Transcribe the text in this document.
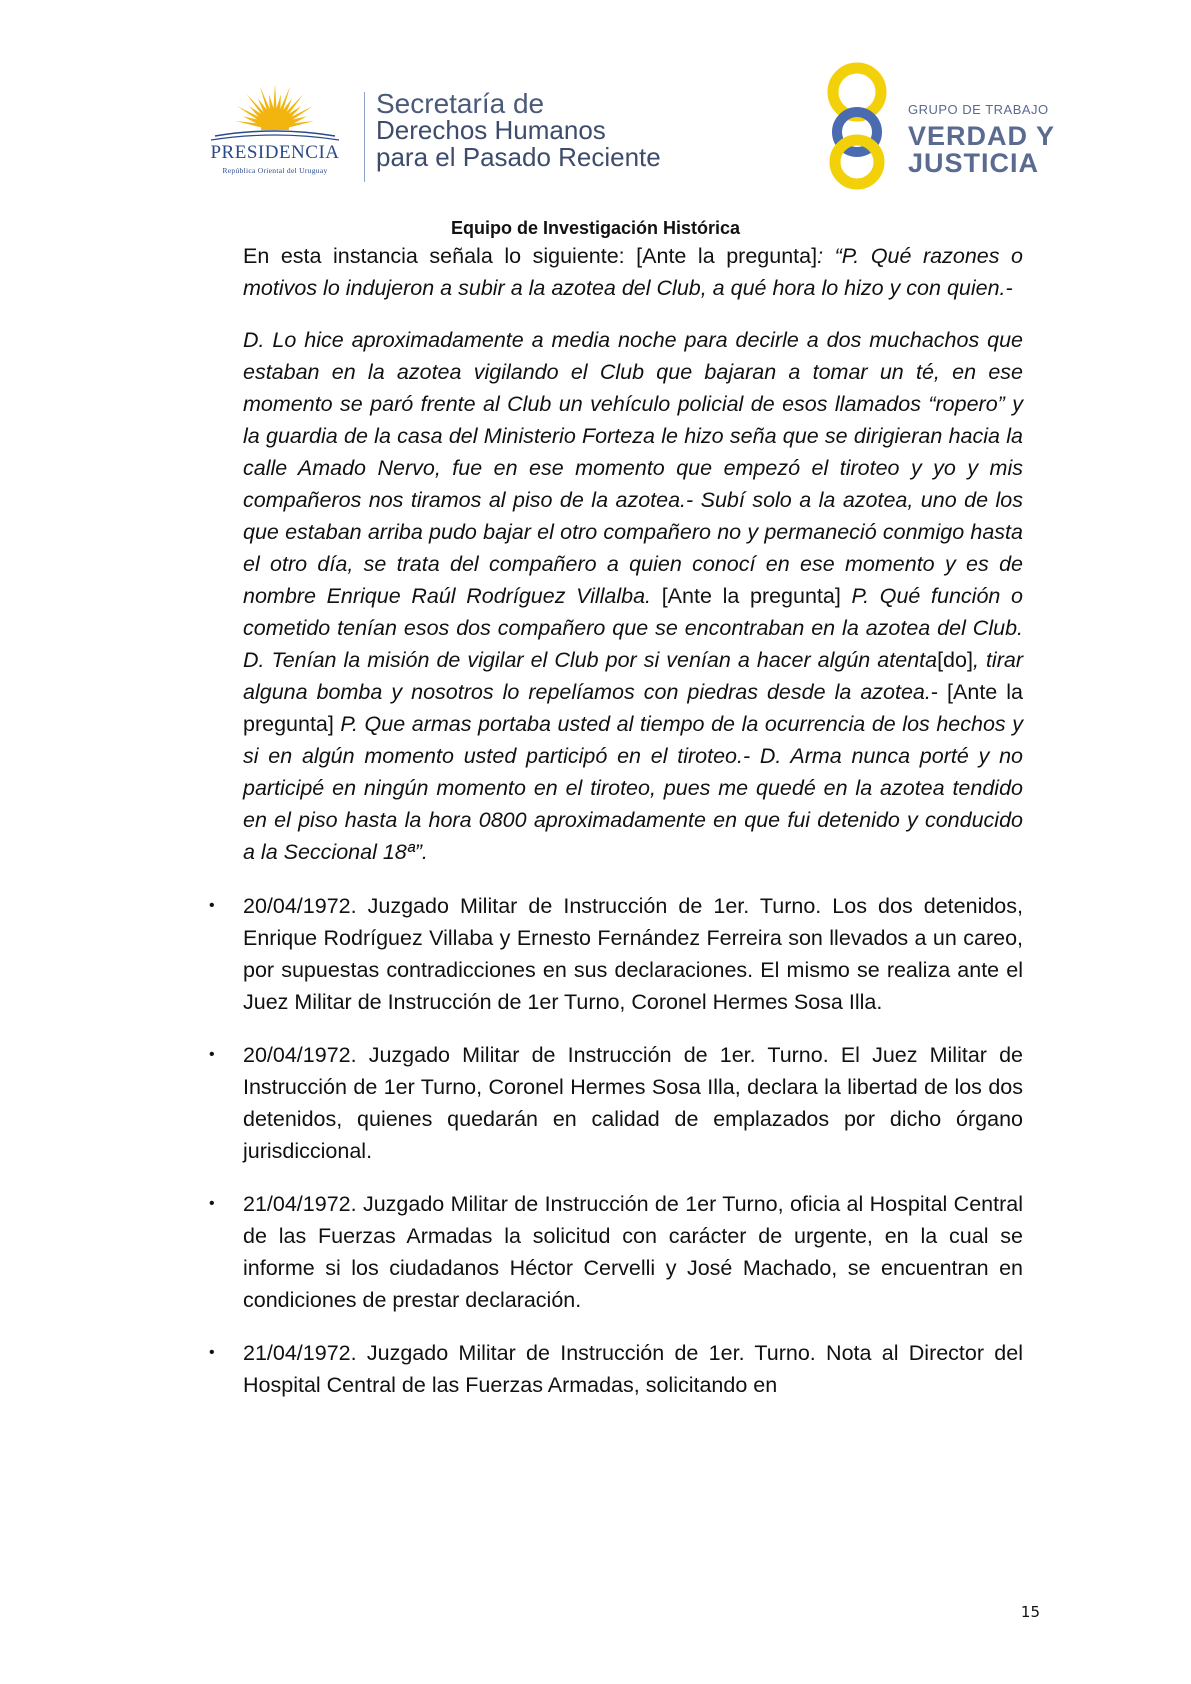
PRESIDENCIA
República Oriental del Uruguay
Secretaría de
Derechos Humanos
para el Pasado Reciente
GRUPO DE TRABAJO
VERDAD Y
JUSTICIA
Equipo de Investigación Histórica

En esta instancia señala lo siguiente: [Ante la pregunta]: “P. Qué razones o motivos lo indujeron a subir a la azotea del Club, a qué hora lo hizo y con quien.-

D. Lo hice aproximadamente a media noche para decirle a dos muchachos que estaban en la azotea vigilando el Club que bajaran a tomar un té, en ese momento se paró frente al Club un vehículo policial de esos llamados “ropero” y la guardia de la casa del Ministerio Forteza le hizo seña que se dirigieran hacia la calle Amado Nervo, fue en ese momento que empezó el tiroteo y yo y mis compañeros nos tiramos al piso de la azotea.- Subí solo a la azotea, uno de los que estaban arriba pudo bajar el otro compañero no y permaneció conmigo hasta el otro día, se trata del compañero a quien conocí en ese momento y es de nombre Enrique Raúl Rodríguez Villalba. [Ante la pregunta] P. Qué función o cometido tenían esos dos compañero que se encontraban en la azotea del Club. D. Tenían la misión de vigilar el Club por si venían a hacer algún atenta[do], tirar alguna bomba y nosotros lo repelíamos con piedras desde la azotea.- [Ante la pregunta] P. Que armas portaba usted al tiempo de la ocurrencia de los hechos y si en algún momento usted participó en el tiroteo.- D. Arma nunca porté y no participé en ningún momento en el tiroteo, pues me quedé en la azotea tendido en el piso hasta la hora 0800 aproximadamente en que fui detenido y conducido a la Seccional 18ª”.

• 20/04/1972. Juzgado Militar de Instrucción de 1er. Turno. Los dos detenidos, Enrique Rodríguez Villaba y Ernesto Fernández Ferreira son llevados a un careo, por supuestas contradicciones en sus declaraciones. El mismo se realiza ante el Juez Militar de Instrucción de 1er Turno, Coronel Hermes Sosa Illa.
• 20/04/1972. Juzgado Militar de Instrucción de 1er. Turno. El Juez Militar de Instrucción de 1er Turno, Coronel Hermes Sosa Illa, declara la libertad de los dos detenidos, quienes quedarán en calidad de emplazados por dicho órgano jurisdiccional.
• 21/04/1972. Juzgado Militar de Instrucción de 1er Turno, oficia al Hospital Central de las Fuerzas Armadas la solicitud con carácter de urgente, en la cual se informe si los ciudadanos Héctor Cervelli y José Machado, se encuentran en condiciones de prestar declaración.
• 21/04/1972. Juzgado Militar de Instrucción de 1er. Turno. Nota al Director del Hospital Central de las Fuerzas Armadas, solicitando en
15
